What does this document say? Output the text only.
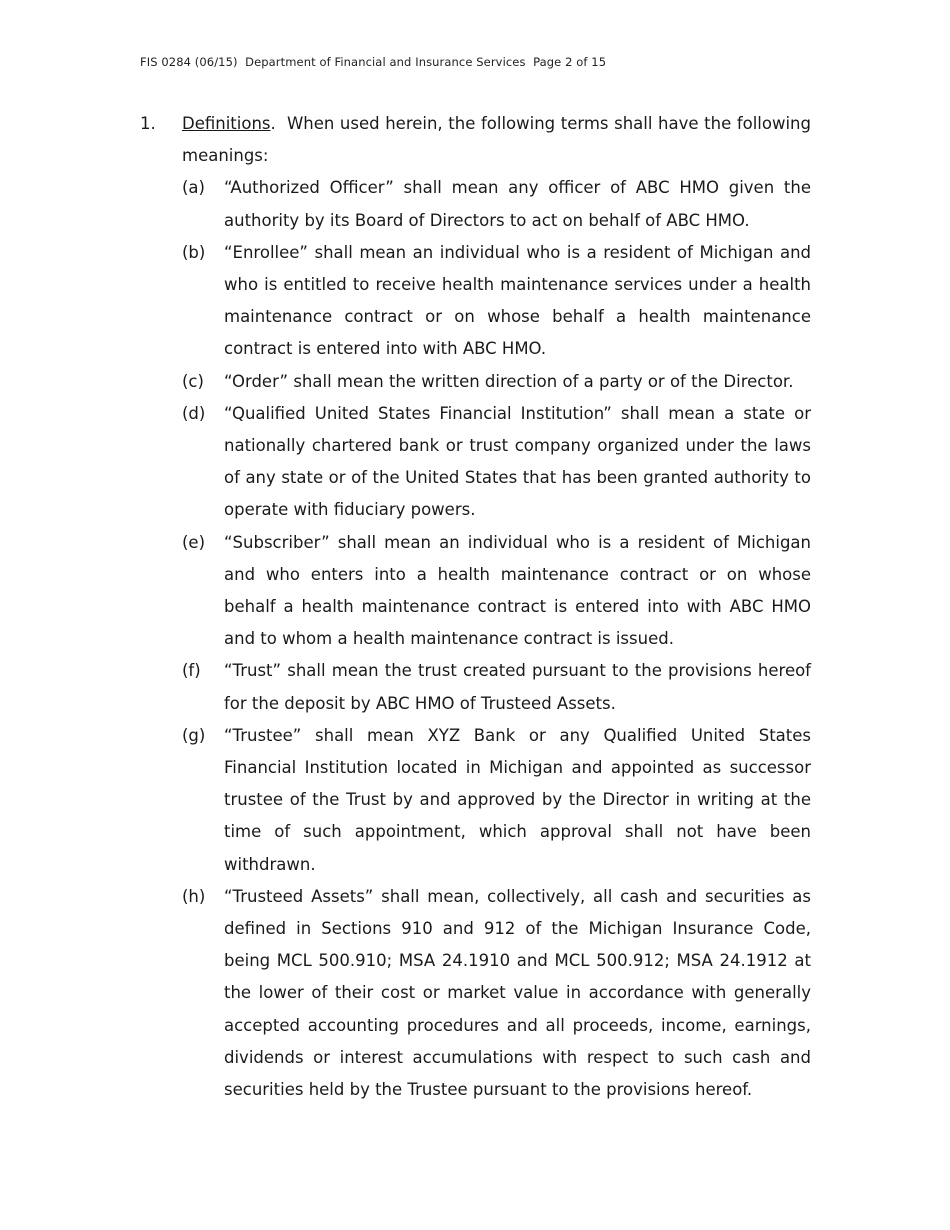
FIS 0284 (06/15)  Department of Financial and Insurance Services  Page 2 of 15
1.	Definitions.  When used herein, the following terms shall have the following meanings:
(a)	“Authorized Officer” shall mean any officer of ABC HMO given the authority by its Board of Directors to act on behalf of ABC HMO.
(b)	“Enrollee” shall mean an individual who is a resident of Michigan and who is entitled to receive health maintenance services under a health maintenance contract or on whose behalf a health maintenance contract is entered into with ABC HMO.
(c)	“Order” shall mean the written direction of a party or of the Director.
(d)	“Qualified United States Financial Institution” shall mean a state or nationally chartered bank or trust company organized under the laws of any state or of the United States that has been granted authority to operate with fiduciary powers.
(e)	“Subscriber” shall mean an individual who is a resident of Michigan and who enters into a health maintenance contract or on whose behalf a health maintenance contract is entered into with ABC HMO and to whom a health maintenance contract is issued.
(f)	“Trust” shall mean the trust created pursuant to the provisions hereof for the deposit by ABC HMO of Trusteed Assets.
(g)	“Trustee” shall mean XYZ Bank or any Qualified United States Financial Institution located in Michigan and appointed as successor trustee of the Trust by and approved by the Director in writing at the time of such appointment, which approval shall not have been withdrawn.
(h)	“Trusteed Assets” shall mean, collectively, all cash and securities as defined in Sections 910 and 912 of the Michigan Insurance Code, being MCL 500.910; MSA 24.1910 and MCL 500.912; MSA 24.1912 at the lower of their cost or market value in accordance with generally accepted accounting procedures and all proceeds, income, earnings, dividends or interest accumulations with respect to such cash and securities held by the Trustee pursuant to the provisions hereof.
